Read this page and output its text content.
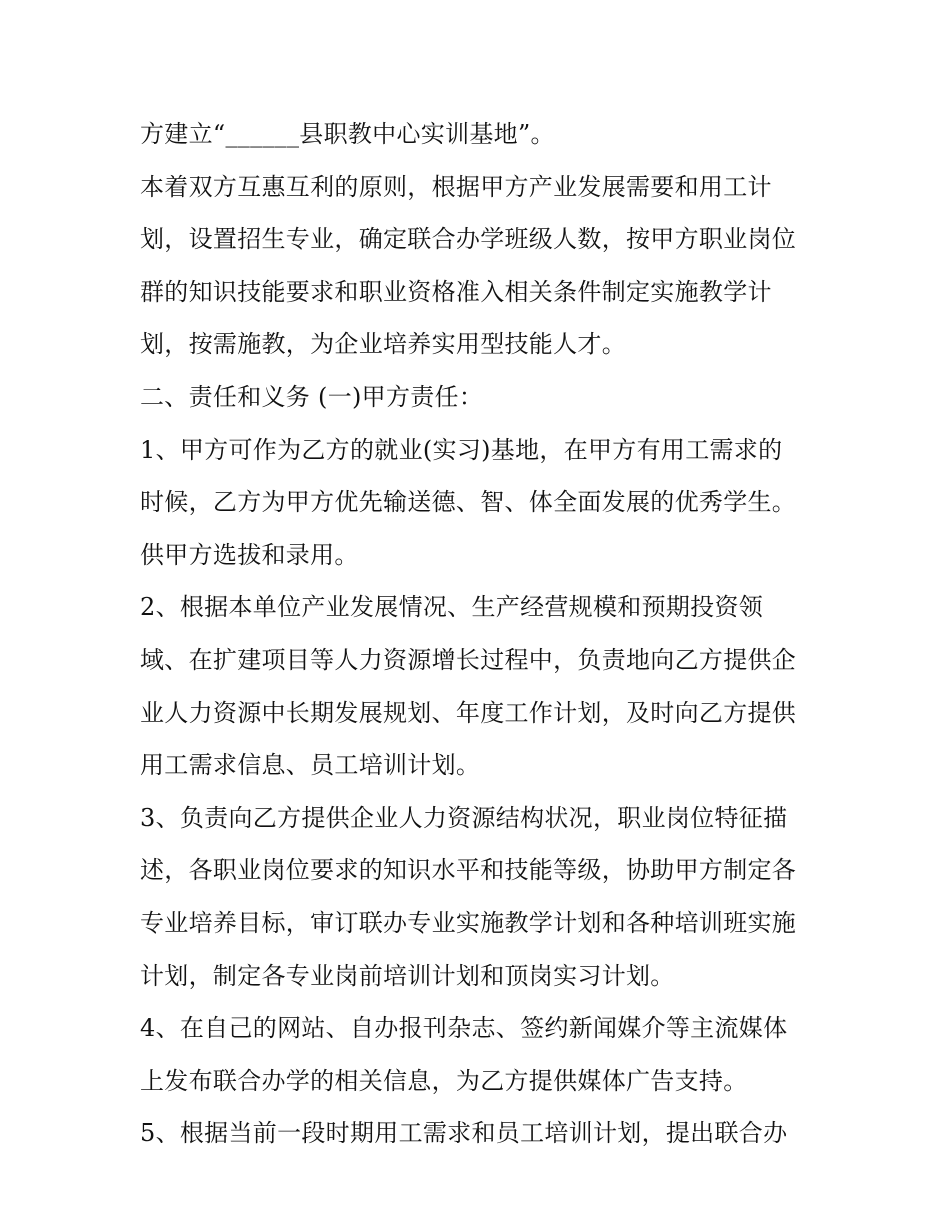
方建立“______县职教中心实训基地”。
本着双方互惠互利的原则，根据甲方产业发展需要和用工计
划，设置招生专业，确定联合办学班级人数，按甲方职业岗位
群的知识技能要求和职业资格准入相关条件制定实施教学计
划，按需施教，为企业培养实用型技能人才。
二、责任和义务 (一)甲方责任：
1、甲方可作为乙方的就业(实习)基地，在甲方有用工需求的
时候，乙方为甲方优先输送德、智、体全面发展的优秀学生。
供甲方选拔和录用。
2、根据本单位产业发展情况、生产经营规模和预期投资领
域、在扩建项目等人力资源增长过程中，负责地向乙方提供企
业人力资源中长期发展规划、年度工作计划，及时向乙方提供
用工需求信息、员工培训计划。
3、负责向乙方提供企业人力资源结构状况，职业岗位特征描
述，各职业岗位要求的知识水平和技能等级，协助甲方制定各
专业培养目标，审订联办专业实施教学计划和各种培训班实施
计划，制定各专业岗前培训计划和顶岗实习计划。
4、在自己的网站、自办报刊杂志、签约新闻媒介等主流媒体
上发布联合办学的相关信息，为乙方提供媒体广告支持。
5、根据当前一段时期用工需求和员工培训计划，提出联合办
